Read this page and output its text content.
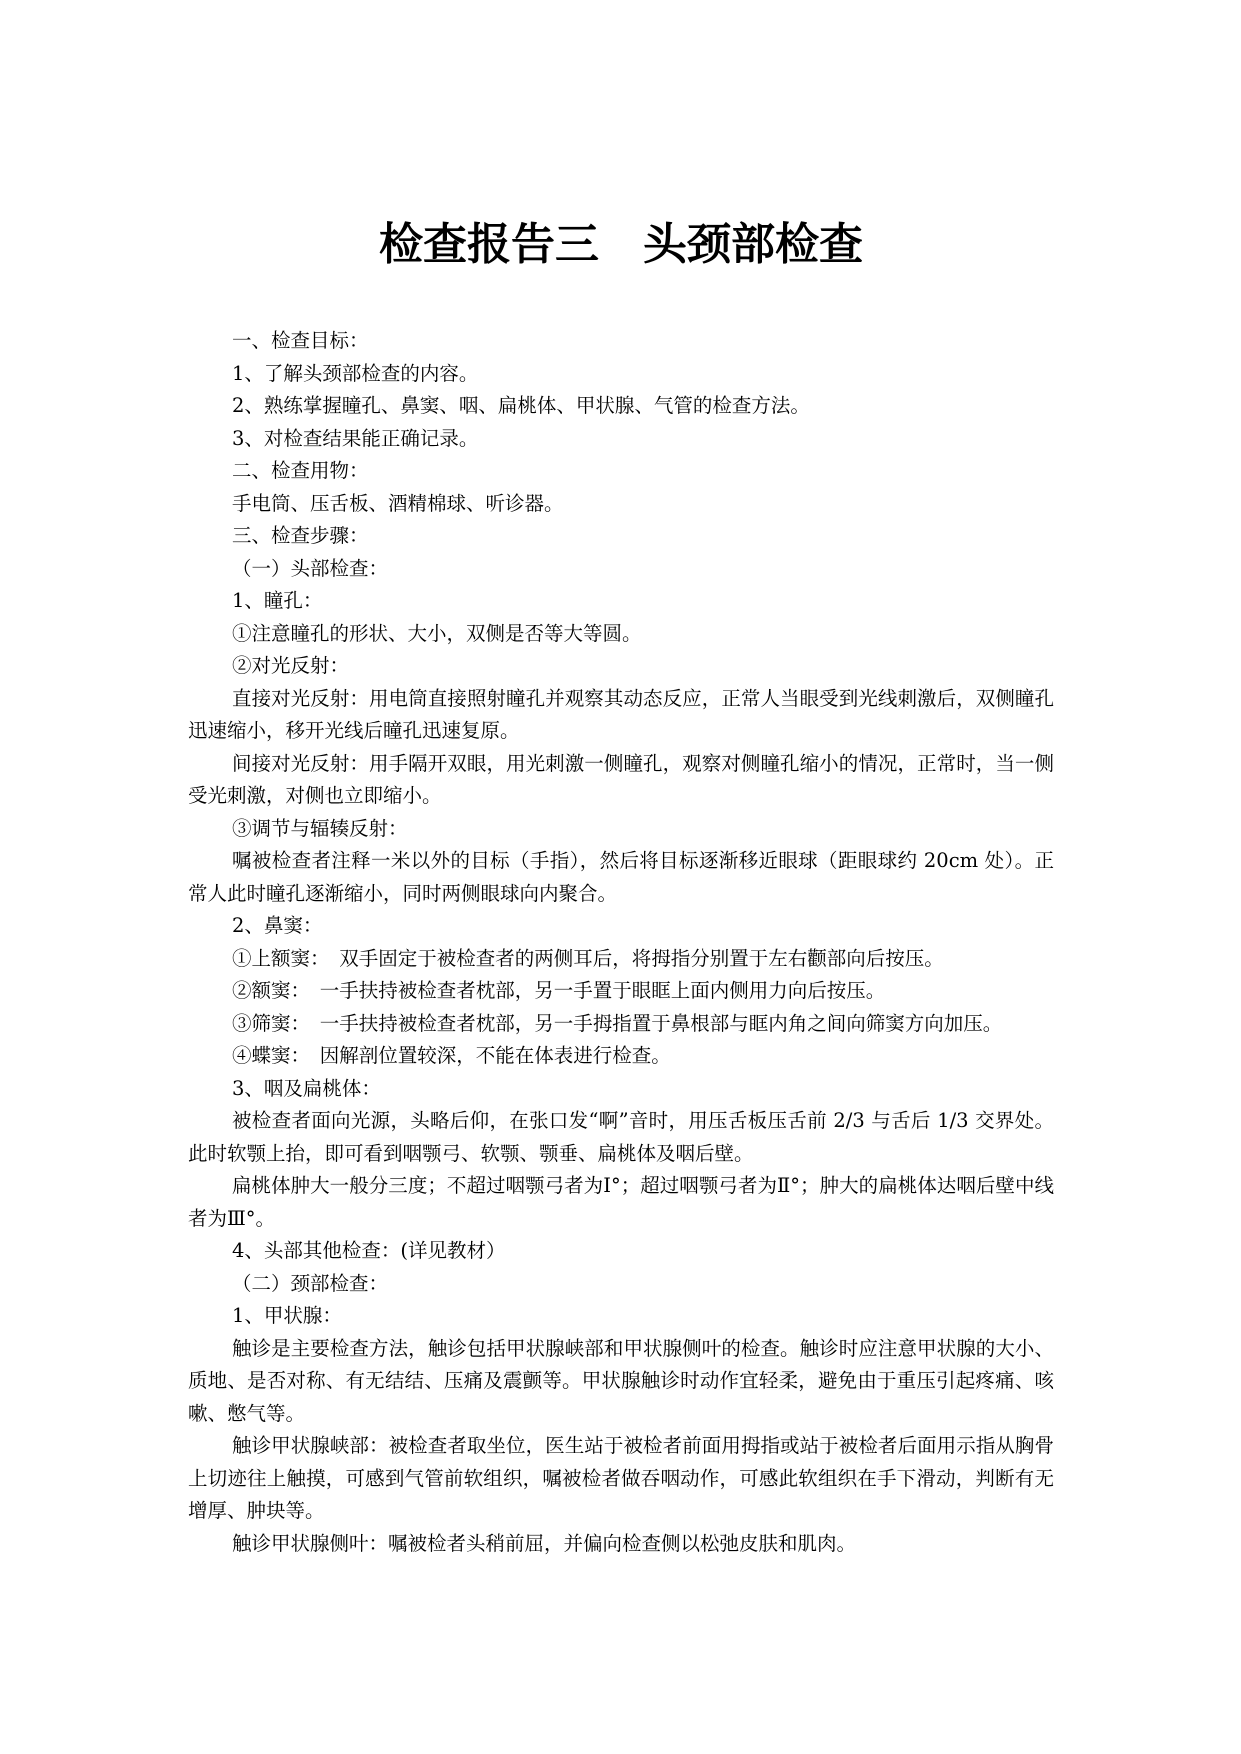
检查报告三　头颈部检查

一、检查目标：

1、了解头颈部检查的内容。

2、熟练掌握瞳孔、鼻窦、咽、扁桃体、甲状腺、气管的检查方法。

3、对检查结果能正确记录。

二、检查用物：

手电筒、压舌板、酒精棉球、听诊器。

三、检查步骤：

（一）头部检查：

1、瞳孔：

①注意瞳孔的形状、大小，双侧是否等大等圆。

②对光反射：

直接对光反射：用电筒直接照射瞳孔并观察其动态反应，正常人当眼受到光线刺激后，双侧瞳孔迅速缩小，移开光线后瞳孔迅速复原。

间接对光反射：用手隔开双眼，用光刺激一侧瞳孔，观察对侧瞳孔缩小的情况，正常时，当一侧受光刺激，对侧也立即缩小。

③调节与辐辏反射：

嘱被检查者注释一米以外的目标（手指），然后将目标逐渐移近眼球（距眼球约 20cm 处）。正常人此时瞳孔逐渐缩小，同时两侧眼球向内聚合。

2、鼻窦：

①上额窦：　双手固定于被检查者的两侧耳后，将拇指分别置于左右颧部向后按压。

②额窦：　一手扶持被检查者枕部，另一手置于眼眶上面内侧用力向后按压。

③筛窦：　一手扶持被检查者枕部，另一手拇指置于鼻根部与眶内角之间向筛窦方向加压。

④蝶窦：　因解剖位置较深，不能在体表进行检查。

3、咽及扁桃体：

被检查者面向光源，头略后仰，在张口发“啊”音时，用压舌板压舌前 2/3 与舌后 1/3 交界处。此时软颚上抬，即可看到咽颚弓、软颚、颚垂、扁桃体及咽后壁。

扁桃体肿大一般分三度；不超过咽颚弓者为Ⅰ°；超过咽颚弓者为Ⅱ°；肿大的扁桃体达咽后壁中线者为Ⅲ°。

4、头部其他检查：(详见教材）

（二）颈部检查：

1、甲状腺：

触诊是主要检查方法，触诊包括甲状腺峡部和甲状腺侧叶的检查。触诊时应注意甲状腺的大小、质地、是否对称、有无结结、压痛及震颤等。甲状腺触诊时动作宜轻柔，避免由于重压引起疼痛、咳嗽、憋气等。

触诊甲状腺峡部：被检查者取坐位，医生站于被检者前面用拇指或站于被检者后面用示指从胸骨上切迹往上触摸，可感到气管前软组织，嘱被检者做吞咽动作，可感此软组织在手下滑动，判断有无增厚、肿块等。

触诊甲状腺侧叶：嘱被检者头稍前屈，并偏向检查侧以松弛皮肤和肌肉。
